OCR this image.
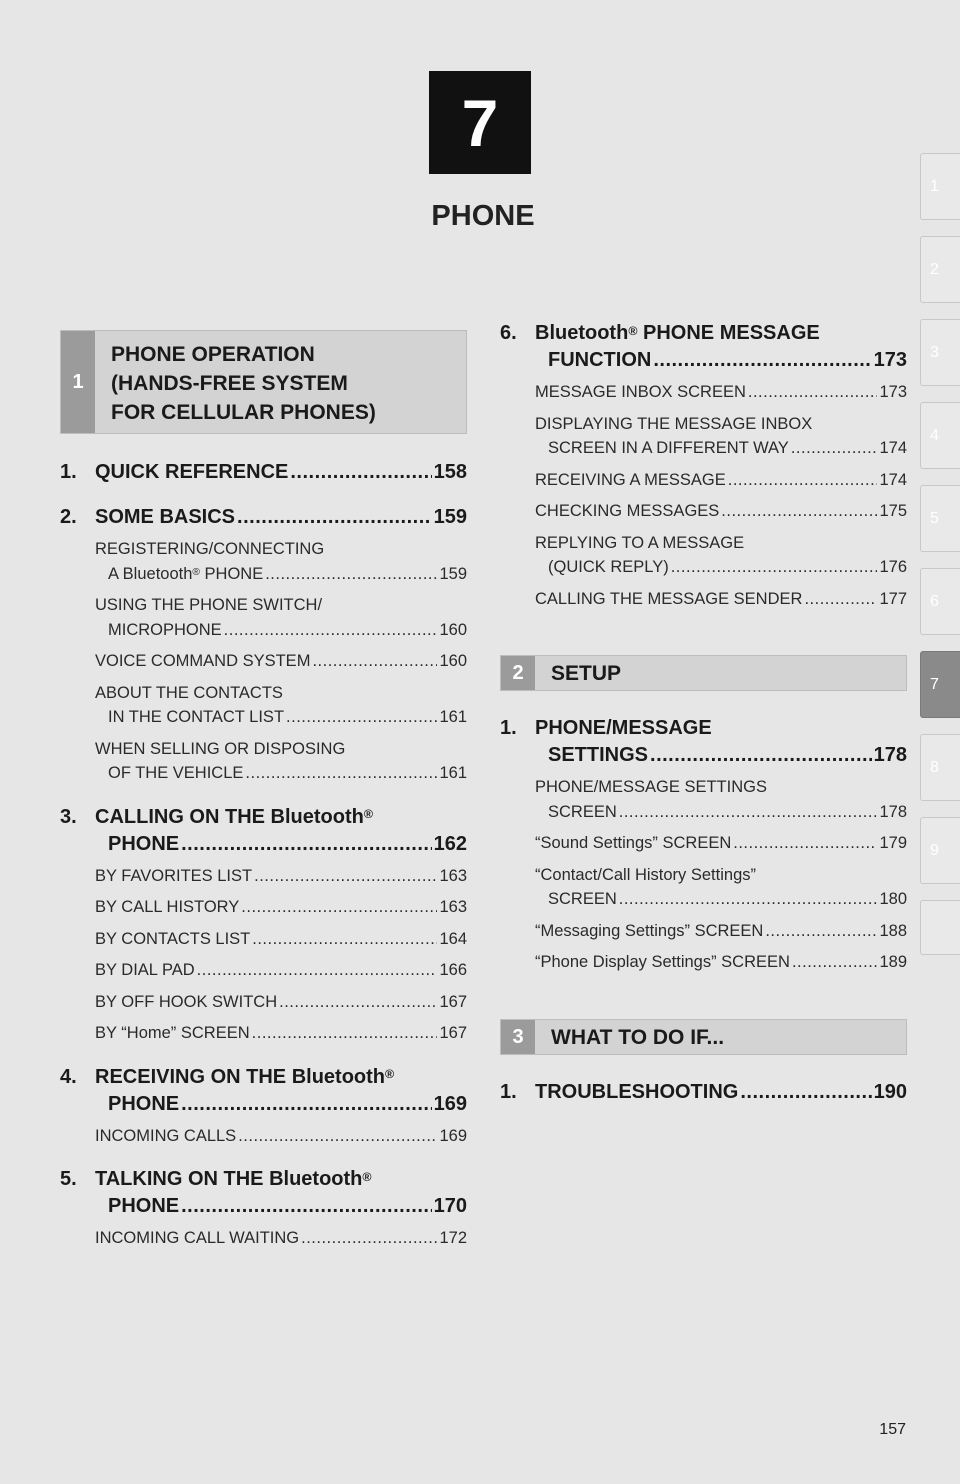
7
PHONE
1
2
3
4
5
6
7
8
9
1
PHONE OPERATION
(HANDS-FREE SYSTEM
FOR CELLULAR PHONES)
1. QUICK REFERENCE .....	158
2. SOME BASICS .....	159
REGISTERING/CONNECTING
A Bluetooth® PHONE .....	159
USING THE PHONE SWITCH/
MICROPHONE .....	160
VOICE COMMAND SYSTEM .....	160
ABOUT THE CONTACTS
IN THE CONTACT LIST .....	161
WHEN SELLING OR DISPOSING
OF THE VEHICLE .....	161
3. CALLING ON THE Bluetooth®
PHONE .....	162
BY FAVORITES LIST .....	163
BY CALL HISTORY .....	163
BY CONTACTS LIST .....	164
BY DIAL PAD .....	166
BY OFF HOOK SWITCH .....	167
BY “Home” SCREEN .....	167
4. RECEIVING ON THE Bluetooth®
PHONE .....	169
INCOMING CALLS .....	169
5. TALKING ON THE Bluetooth®
PHONE .....	170
INCOMING CALL WAITING .....	172
6. Bluetooth® PHONE MESSAGE
FUNCTION .....	173
MESSAGE INBOX SCREEN .....	173
DISPLAYING THE MESSAGE INBOX
SCREEN IN A DIFFERENT WAY .....	174
RECEIVING A MESSAGE .....	174
CHECKING MESSAGES .....	175
REPLYING TO A MESSAGE
(QUICK REPLY) .....	176
CALLING THE MESSAGE SENDER .....	177
2	SETUP
1. PHONE/MESSAGE
SETTINGS .....	178
PHONE/MESSAGE SETTINGS
SCREEN .....	178
“Sound Settings” SCREEN .....	179
“Contact/Call History Settings”
SCREEN .....	180
“Messaging Settings” SCREEN .....	188
“Phone Display Settings” SCREEN .....	189
3	WHAT TO DO IF...
1. TROUBLESHOOTING .....	190
157
